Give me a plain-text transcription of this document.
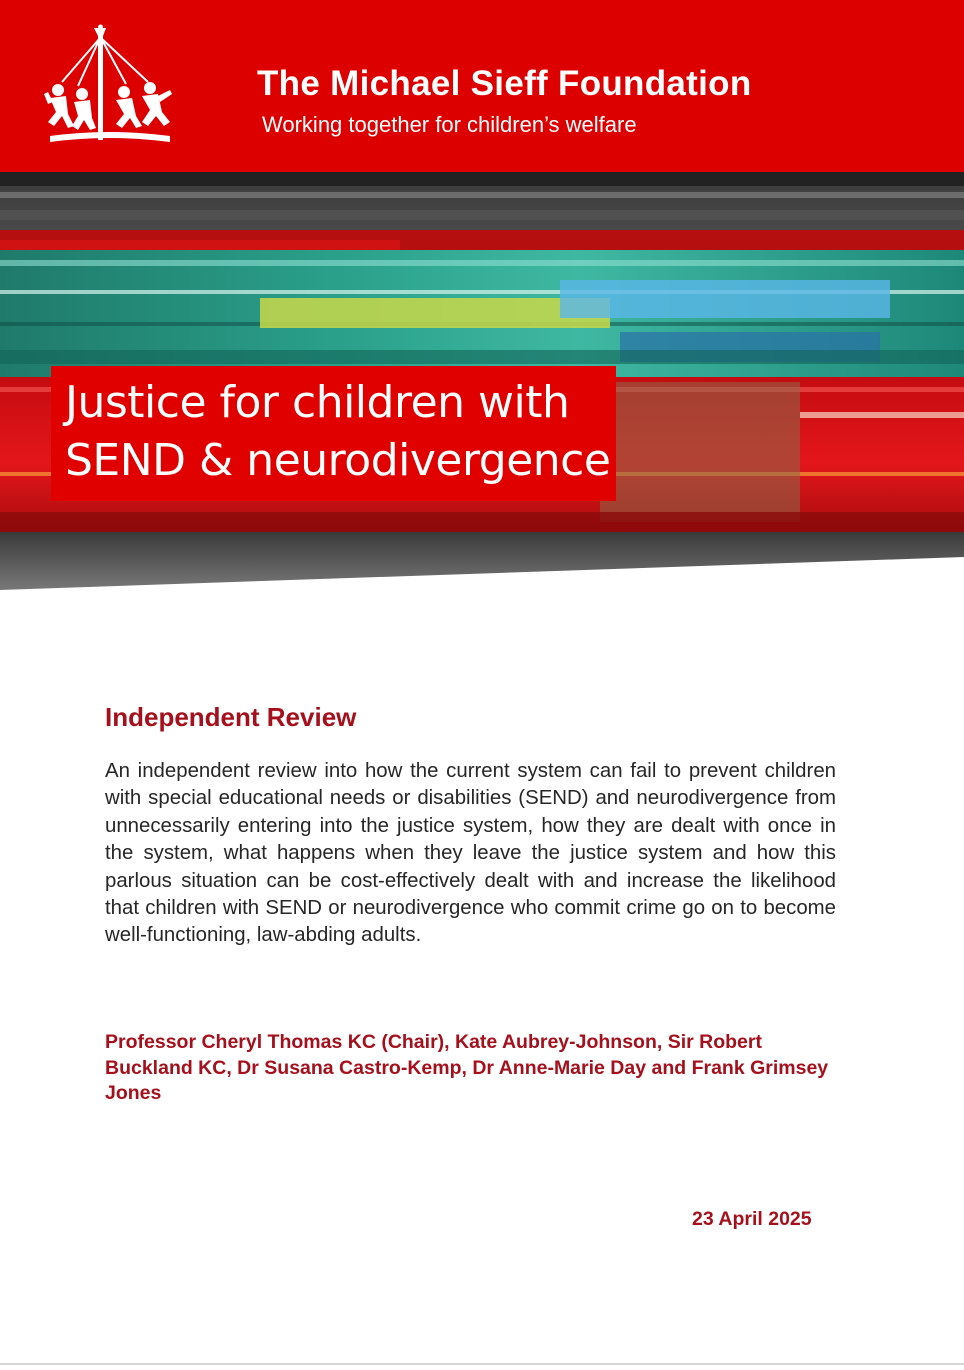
The Michael Sieff Foundation
Working together for children’s welfare
Justice for children with
SEND & neurodivergence
Independent Review

An independent review into how the current system can fail to prevent children with special educational needs or disabilities (SEND) and neurodivergence from unnecessarily entering into the justice system, how they are dealt with once in the system, what happens when they leave the justice system and how this parlous situation can be cost-effectively dealt with and increase the likelihood that children with SEND or neurodivergence who commit crime go on to become well-functioning, law-abding adults.

Professor Cheryl Thomas KC (Chair), Kate Aubrey-Johnson, Sir Robert Buckland KC, Dr Susana Castro-Kemp, Dr Anne-Marie Day and Frank Grimsey Jones

23 April 2025
